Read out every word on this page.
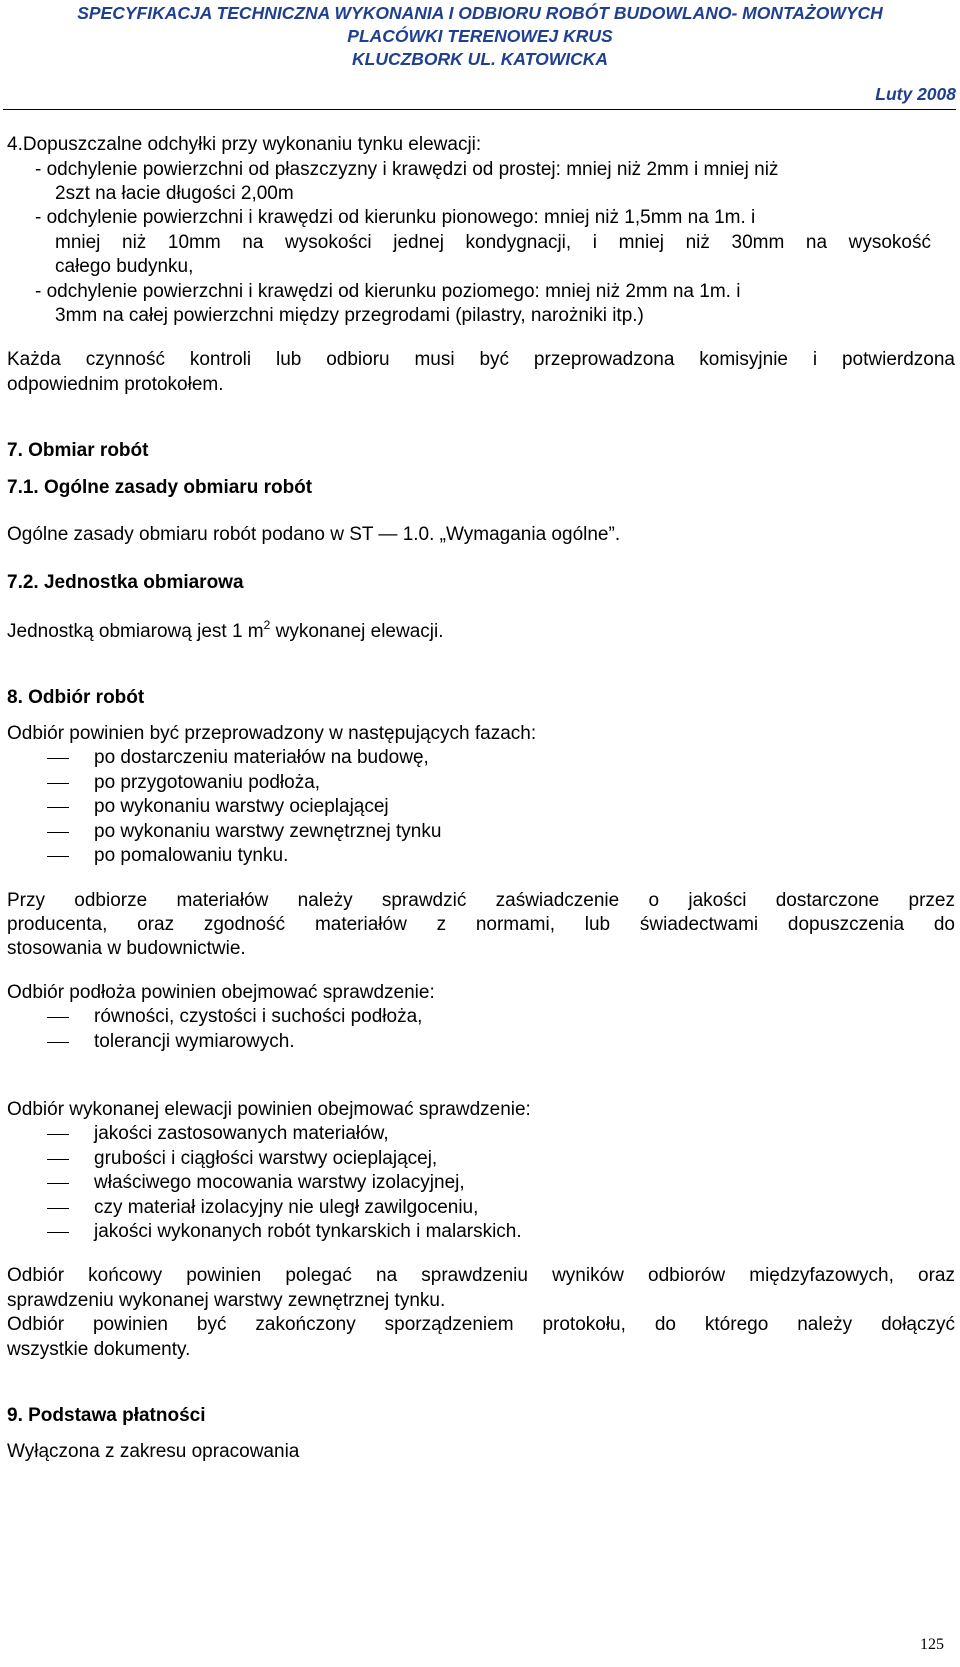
SPECYFIKACJA TECHNICZNA WYKONANIA I ODBIORU ROBÓT BUDOWLANO- MONTAŻOWYCH
PLACÓWKI TERENOWEJ KRUS
KLUCZBORK UL. KATOWICKA
Luty 2008
4.Dopuszczalne odchyłki przy wykonaniu tynku elewacji:
- odchylenie powierzchni od płaszczyzny i krawędzi od prostej: mniej niż 2mm i mniej niż
2szt na łacie długości 2,00m
- odchylenie powierzchni i krawędzi od kierunku pionowego: mniej niż 1,5mm na 1m. i
mniej niż 10mm na wysokości jednej kondygnacji, i mniej niż 30mm na wysokość
całego budynku,
- odchylenie powierzchni i krawędzi od kierunku poziomego: mniej niż 2mm na 1m. i
3mm na całej powierzchni między przegrodami (pilastry, narożniki itp.)
Każda czynność kontroli lub odbioru musi być przeprowadzona komisyjnie i potwierdzona
odpowiednim protokołem.
7. Obmiar robót
7.1. Ogólne zasady obmiaru robót
Ogólne zasady obmiaru robót podano w ST — 1.0. „Wymagania ogólne”.
7.2. Jednostka obmiarowa
Jednostką obmiarową jest 1 $m^2$ wykonanej elewacji.
8. Odbiór robót
Odbiór powinien być przeprowadzony w następujących fazach:
po dostarczeniu materiałów na budowę,
po przygotowaniu podłoża,
po wykonaniu warstwy ocieplającej
po wykonaniu warstwy zewnętrznej tynku
po pomalowaniu tynku.
Przy odbiorze materiałów należy sprawdzić zaświadczenie o jakości dostarczone przez
producenta, oraz zgodność materiałów z normami, lub świadectwami dopuszczenia do
stosowania w budownictwie.
Odbiór podłoża powinien obejmować sprawdzenie:
równości, czystości i suchości podłoża,
tolerancji wymiarowych.
Odbiór wykonanej elewacji powinien obejmować sprawdzenie:
jakości zastosowanych materiałów,
grubości i ciągłości warstwy ocieplającej,
właściwego mocowania warstwy izolacyjnej,
czy materiał izolacyjny nie uległ zawilgoceniu,
jakości wykonanych robót tynkarskich i malarskich.
Odbiór końcowy powinien polegać na sprawdzeniu wyników odbiorów międzyfazowych, oraz
sprawdzeniu wykonanej warstwy zewnętrznej tynku.
Odbiór powinien być zakończony sporządzeniem protokołu, do którego należy dołączyć
wszystkie dokumenty.
9. Podstawa płatności
Wyłączona z zakresu opracowania
125
